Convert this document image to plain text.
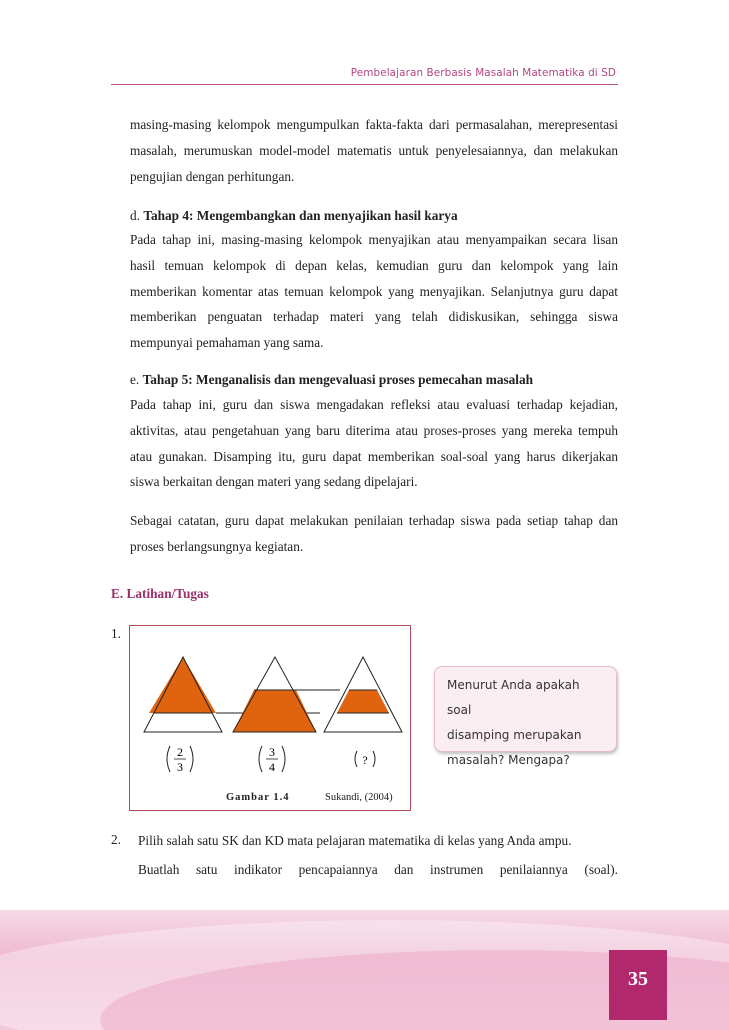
Pembelajaran Berbasis Masalah Matematika di SD
masing-masing kelompok mengumpulkan fakta-fakta dari permasalahan, merepresentasi masalah, merumuskan model-model matematis untuk penyelesaiannya, dan melakukan pengujian dengan perhitungan.
d. Tahap 4: Mengembangkan dan menyajikan hasil karya
Pada tahap ini, masing-masing kelompok menyajikan atau menyampaikan secara lisan hasil temuan kelompok di depan kelas, kemudian guru dan kelompok yang lain memberikan komentar atas temuan kelompok yang menyajikan. Selanjutnya guru dapat memberikan penguatan terhadap materi yang telah didiskusikan, sehingga siswa mempunyai pemahaman yang sama.
e. Tahap 5: Menganalisis dan mengevaluasi proses pemecahan masalah
Pada tahap ini, guru dan siswa mengadakan refleksi atau evaluasi terhadap kejadian, aktivitas, atau pengetahuan yang baru diterima atau proses-proses yang mereka tempuh atau gunakan. Disamping itu, guru dapat memberikan soal-soal yang harus dikerjakan siswa berkaitan dengan materi yang sedang dipelajari.
Sebagai catatan, guru dapat melakukan penilaian terhadap siswa pada setiap tahap dan proses berlangsungnya kegiatan.
E. Latihan/Tugas
1.
2
3
3
4	?
Gambar 1.4	Sukandi, (2004)
Menurut Anda apakah soal
disamping merupakan
masalah? Mengapa?
2. Pilih salah satu SK dan KD mata pelajaran matematika di kelas yang Anda ampu.
Buatlah satu indikator pencapaiannya dan instrumen penilaiannya (soal).
35
